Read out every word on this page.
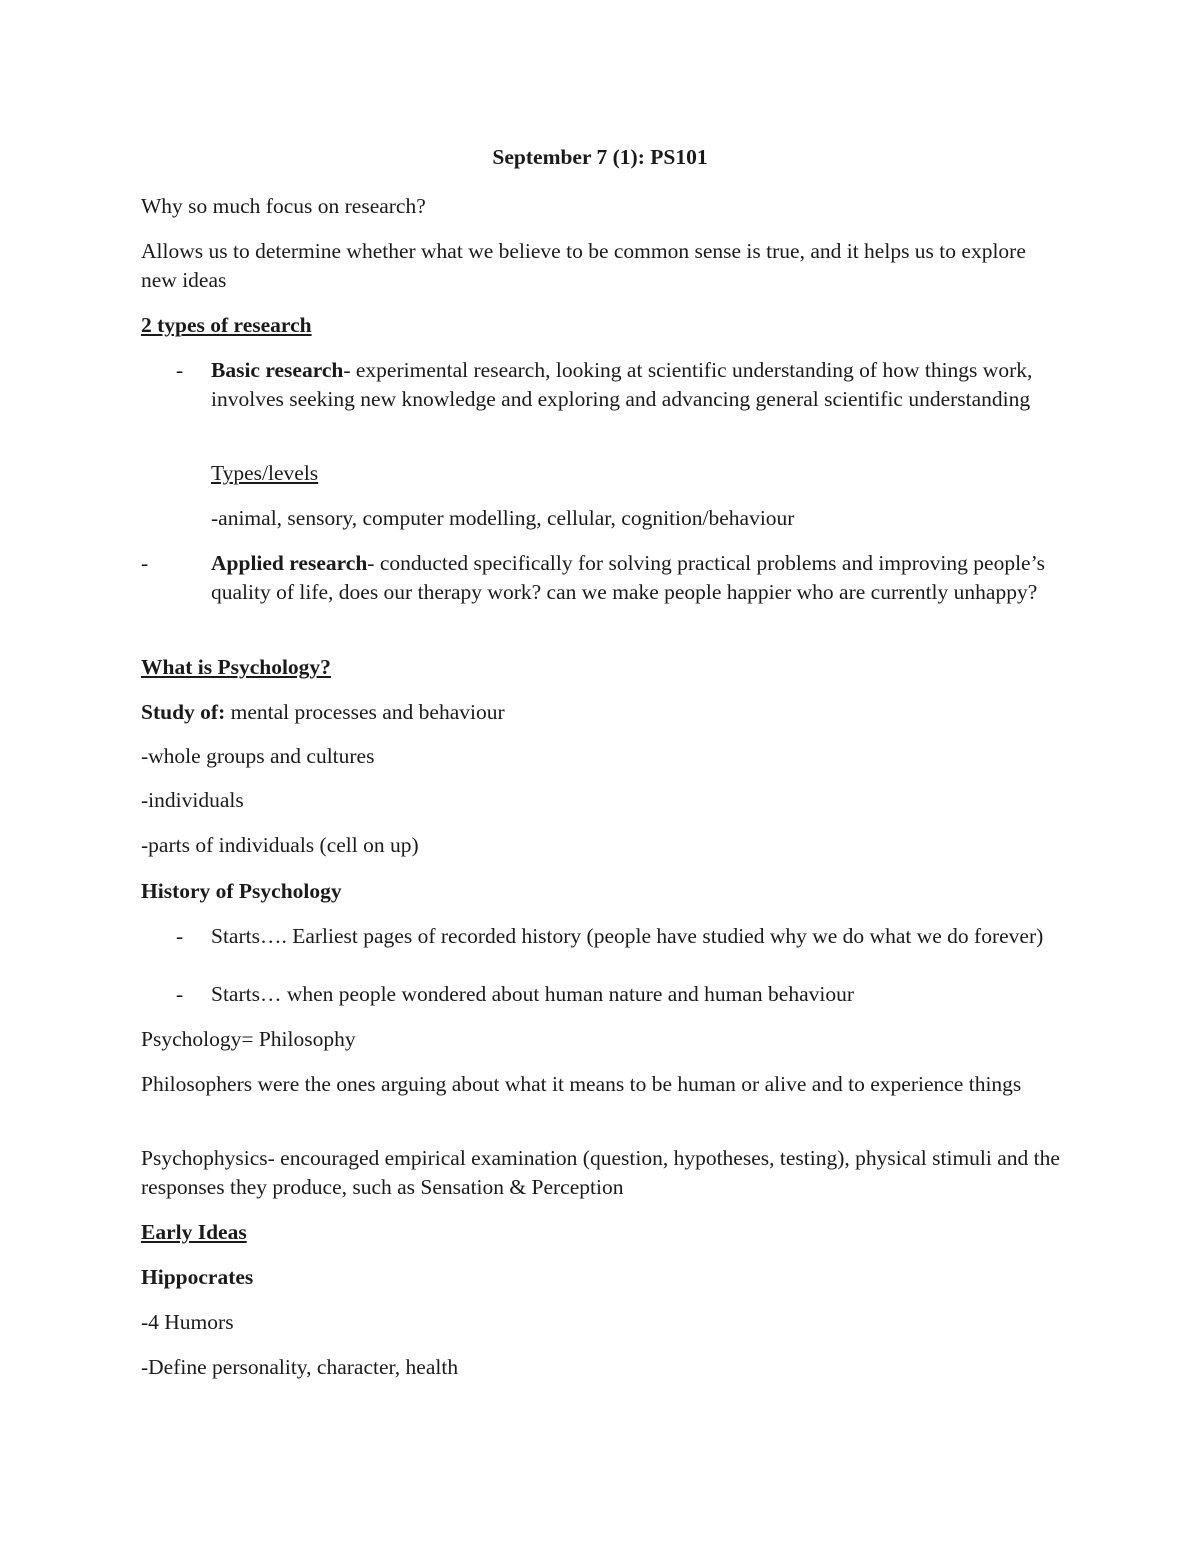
September 7 (1): PS101
Why so much focus on research?
Allows us to determine whether what we believe to be common sense is true, and it helps us to explore new ideas
2 types of research
-	Basic research- experimental research, looking at scientific understanding of how things work, involves seeking new knowledge and exploring and advancing general scientific understanding
Types/levels
-animal, sensory, computer modelling, cellular, cognition/behaviour
-	Applied research- conducted specifically for solving practical problems and improving people’s quality of life, does our therapy work? can we make people happier who are currently unhappy?
What is Psychology?
Study of: mental processes and behaviour
-whole groups and cultures
-individuals
-parts of individuals (cell on up)
History of Psychology
-	Starts…. Earliest pages of recorded history (people have studied why we do what we do forever)
-	Starts… when people wondered about human nature and human behaviour
Psychology= Philosophy
Philosophers were the ones arguing about what it means to be human or alive and to experience things
Psychophysics- encouraged empirical examination (question, hypotheses, testing), physical stimuli and the responses they produce, such as Sensation & Perception
Early Ideas
Hippocrates
-4 Humors
-Define personality, character, health
